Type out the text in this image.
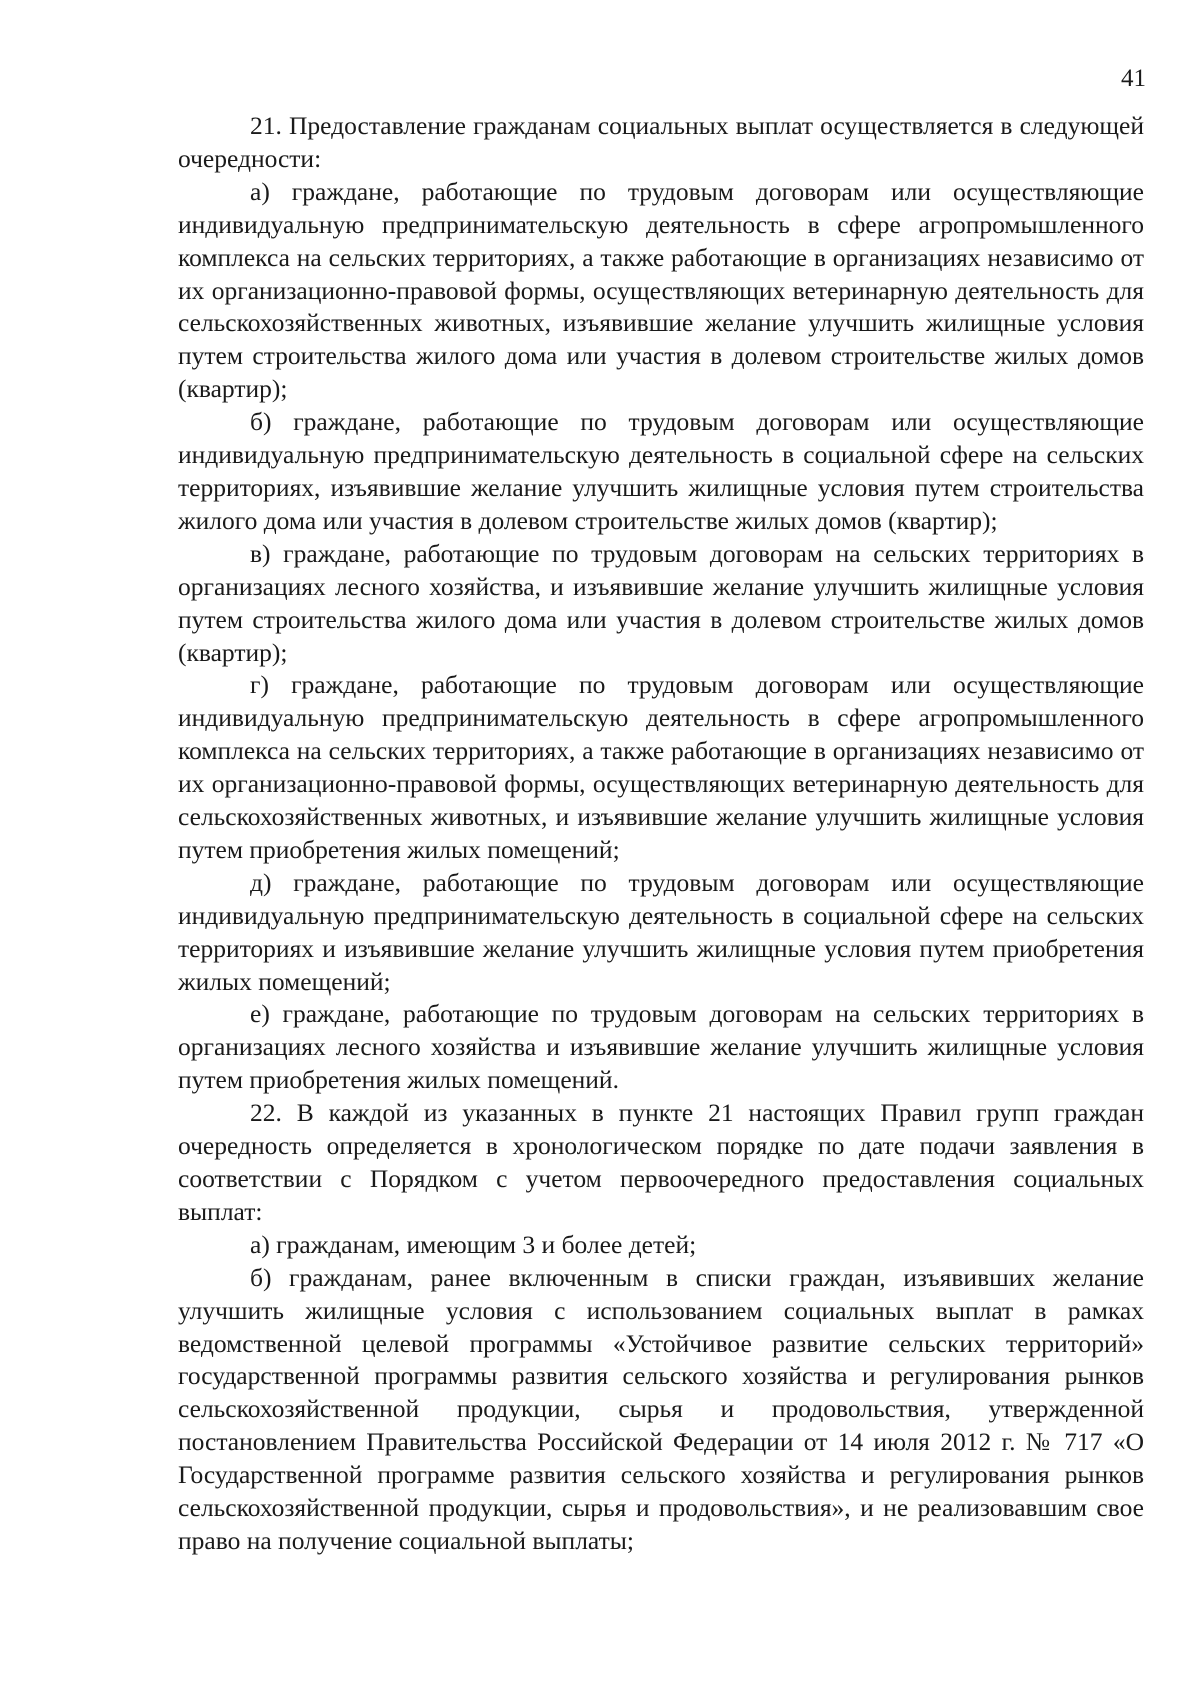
41

21. Предоставление гражданам социальных выплат осуществляется в следующей очередности:

а) граждане, работающие по трудовым договорам или осуществляющие индивидуальную предпринимательскую деятельность в сфере агропромышленного комплекса на сельских территориях, а также работающие в организациях независимо от их организационно-правовой формы, осуществляющих ветеринарную деятельность для сельскохозяйственных животных, изъявившие желание улучшить жилищные условия путем строительства жилого дома или участия в долевом строительстве жилых домов (квартир);

б) граждане, работающие по трудовым договорам или осуществляющие индивидуальную предпринимательскую деятельность в социальной сфере на сельских территориях, изъявившие желание улучшить жилищные условия путем строительства жилого дома или участия в долевом строительстве жилых домов (квартир);

в) граждане, работающие по трудовым договорам на сельских территориях в организациях лесного хозяйства, и изъявившие желание улучшить жилищные условия путем строительства жилого дома или участия в долевом строительстве жилых домов (квартир);

г) граждане, работающие по трудовым договорам или осуществляющие индивидуальную предпринимательскую деятельность в сфере агропромышленного комплекса на сельских территориях, а также работающие в организациях независимо от их организационно-правовой формы, осуществляющих ветеринарную деятельность для сельскохозяйственных животных, и изъявившие желание улучшить жилищные условия путем приобретения жилых помещений;

д) граждане, работающие по трудовым договорам или осуществляющие индивидуальную предпринимательскую деятельность в социальной сфере на сельских территориях и изъявившие желание улучшить жилищные условия путем приобретения жилых помещений;

е) граждане, работающие по трудовым договорам на сельских территориях в организациях лесного хозяйства и изъявившие желание улучшить жилищные условия путем приобретения жилых помещений.

22. В каждой из указанных в пункте 21 настоящих Правил групп граждан очередность определяется в хронологическом порядке по дате подачи заявления в соответствии с Порядком с учетом первоочередного предоставления социальных выплат:

а) гражданам, имеющим 3 и более детей;

б) гражданам, ранее включенным в списки граждан, изъявивших желание улучшить жилищные условия с использованием социальных выплат в рамках ведомственной целевой программы «Устойчивое развитие сельских территорий» государственной программы развития сельского хозяйства и регулирования рынков сельскохозяйственной продукции, сырья и продовольствия, утвержденной постановлением Правительства Российской Федерации от 14 июля 2012 г. № 717 «О Государственной программе развития сельского хозяйства и регулирования рынков сельскохозяйственной продукции, сырья и продовольствия», и не реализовавшим свое право на получение социальной выплаты;
